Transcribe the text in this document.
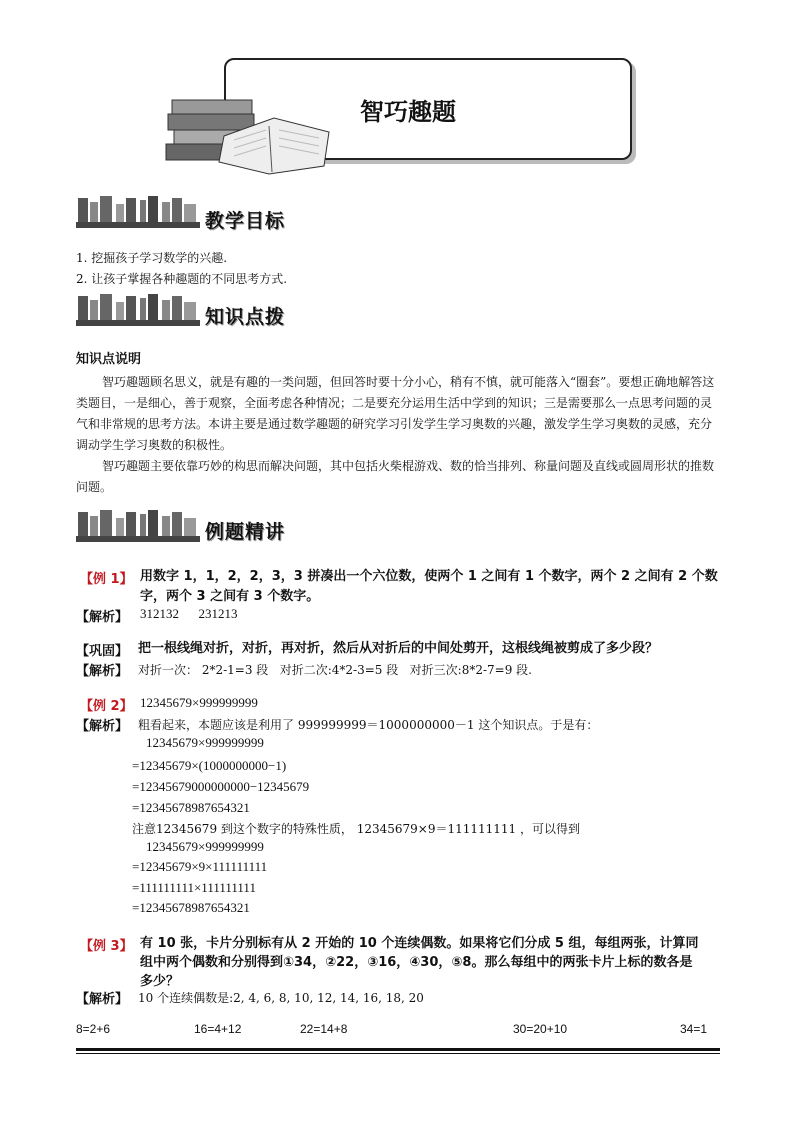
智巧趣题
教学目标
1. 挖掘孩子学习数学的兴趣.
2. 让孩子掌握各种趣题的不同思考方式.
知识点拨
知识点说明
智巧趣题顾名思义，就是有趣的一类问题，但回答时要十分小心，稍有不慎，就可能落入“圈套”。要想正确地解答这类题目，一是细心，善于观察，全面考虑各种情况；二是要充分运用生活中学到的知识；三是需要那么一点思考问题的灵气和非常规的思考方法。本讲主要是通过数学趣题的研究学习引发学生学习奥数的兴趣，激发学生学习奥数的灵感，充分调动学生学习奥数的积极性。
智巧趣题主要依靠巧妙的构思而解决问题，其中包括火柴棍游戏、数的恰当排列、称量问题及直线或圆周形状的推数问题。
例题精讲
【例 1】 用数字 1，1，2，2，3，3 拼凑出一个六位数，使两个 1 之间有 1 个数字，两个 2 之间有 2 个数
字，两个 3 之间有 3 个数字。
【解析】 312132      231213
【巩固】 把一根线绳对折，对折，再对折，然后从对折后的中间处剪开，这根线绳被剪成了多少段？
【解析】 对折一次： 2*2-1=3 段   对折二次:4*2-3=5 段   对折三次:8*2-7=9 段.
【例 2】 12345679×999999999
【解析】 粗看起来，本题应该是利用了 999999999＝1000000000－1 这个知识点。于是有：
12345679×999999999
=12345679×(1000000000−1)
=12345679000000000−12345679
=12345678987654321
注意12345679 到这个数字的特殊性质， 12345679×9＝111111111 ，可以得到
12345679×999999999
=12345679×9×111111111
=111111111×111111111
=12345678987654321
【例 3】 有 10 张，卡片分别标有从 2 开始的 10 个连续偶数。如果将它们分成 5 组，每组两张，计算同
组中两个偶数和分别得到①34，②22，③16，④30，⑤8。那么每组中的两张卡片上标的数各是
多少？
【解析】 10 个连续偶数是:2, 4, 6, 8, 10, 12, 14, 16, 18, 20
8=2+6	16=4+12	22=14+8	30=20+10	34=1
